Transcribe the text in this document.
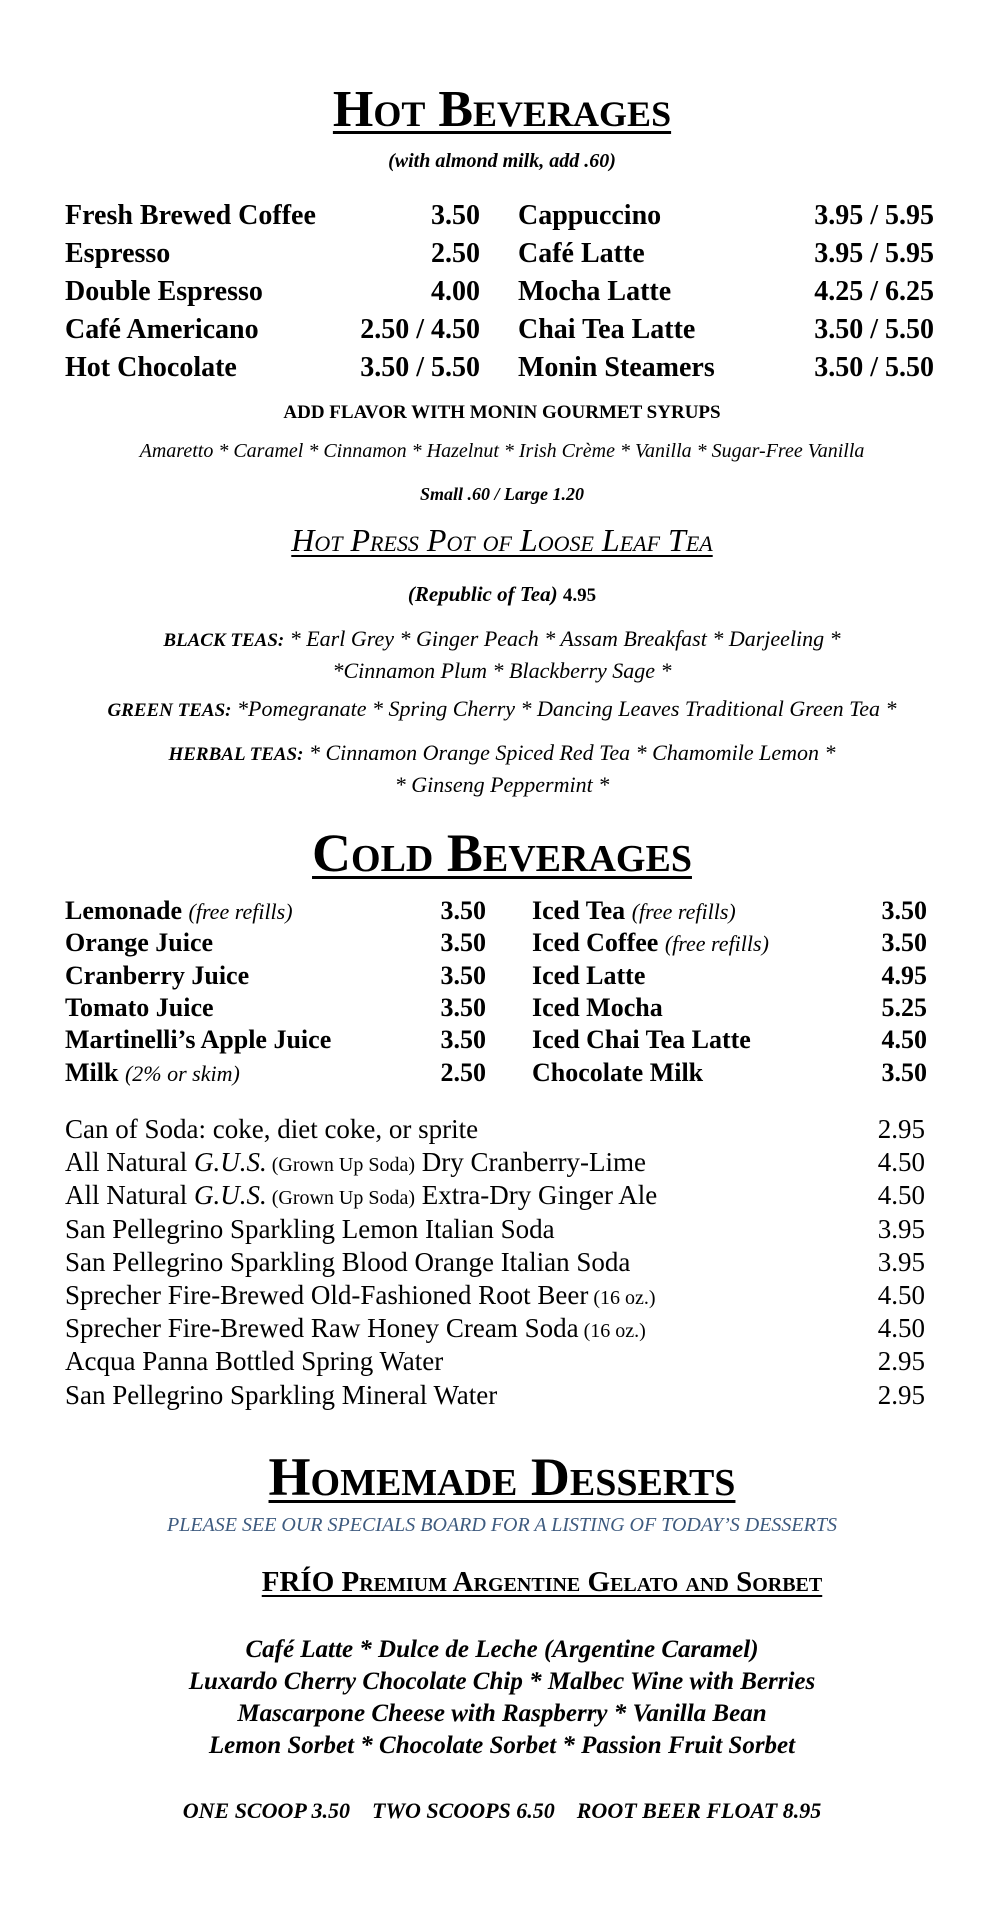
Hot Beverages
(with almond milk, add .60)
Fresh Brewed Coffee	3.50
Espresso	2.50
Double Espresso	4.00
Café Americano	2.50 / 4.50
Hot Chocolate	3.50 / 5.50
Cappuccino	3.95 / 5.95
Café Latte	3.95 / 5.95
Mocha Latte	4.25 / 6.25
Chai Tea Latte	3.50 / 5.50
Monin Steamers	3.50 / 5.50
ADD FLAVOR WITH MONIN GOURMET SYRUPS
Amaretto * Caramel * Cinnamon * Hazelnut * Irish Crème * Vanilla * Sugar-Free Vanilla
Small .60 / Large 1.20
Hot Press Pot of Loose Leaf Tea
(Republic of Tea) 4.95
BLACK TEAS: * Earl Grey * Ginger Peach * Assam Breakfast * Darjeeling *
*Cinnamon Plum * Blackberry Sage *
GREEN TEAS: *Pomegranate * Spring Cherry * Dancing Leaves Traditional Green Tea *
HERBAL TEAS: * Cinnamon Orange Spiced Red Tea * Chamomile Lemon *
* Ginseng Peppermint *
Cold Beverages
Lemonade (free refills)	3.50
Orange Juice	3.50
Cranberry Juice	3.50
Tomato Juice	3.50
Martinelli’s Apple Juice	3.50
Milk (2% or skim)	2.50
Iced Tea (free refills)	3.50
Iced Coffee (free refills)	3.50
Iced Latte	4.95
Iced Mocha	5.25
Iced Chai Tea Latte	4.50
Chocolate Milk	3.50
Can of Soda: coke, diet coke, or sprite	2.95
All Natural G.U.S. (Grown Up Soda) Dry Cranberry-Lime	4.50
All Natural G.U.S. (Grown Up Soda) Extra-Dry Ginger Ale	4.50
San Pellegrino Sparkling Lemon Italian Soda	3.95
San Pellegrino Sparkling Blood Orange Italian Soda	3.95
Sprecher Fire-Brewed Old-Fashioned Root Beer (16 oz.)	4.50
Sprecher Fire-Brewed Raw Honey Cream Soda (16 oz.)	4.50
Acqua Panna Bottled Spring Water	2.95
San Pellegrino Sparkling Mineral Water	2.95
Homemade Desserts
PLEASE SEE OUR SPECIALS BOARD FOR A LISTING OF TODAY’S DESSERTS
FRÍO Premium Argentine Gelato and Sorbet
Café Latte * Dulce de Leche (Argentine Caramel)
Luxardo Cherry Chocolate Chip * Malbec Wine with Berries
Mascarpone Cheese with Raspberry * Vanilla Bean
Lemon Sorbet * Chocolate Sorbet * Passion Fruit Sorbet
ONE SCOOP 3.50    TWO SCOOPS 6.50    ROOT BEER FLOAT 8.95
